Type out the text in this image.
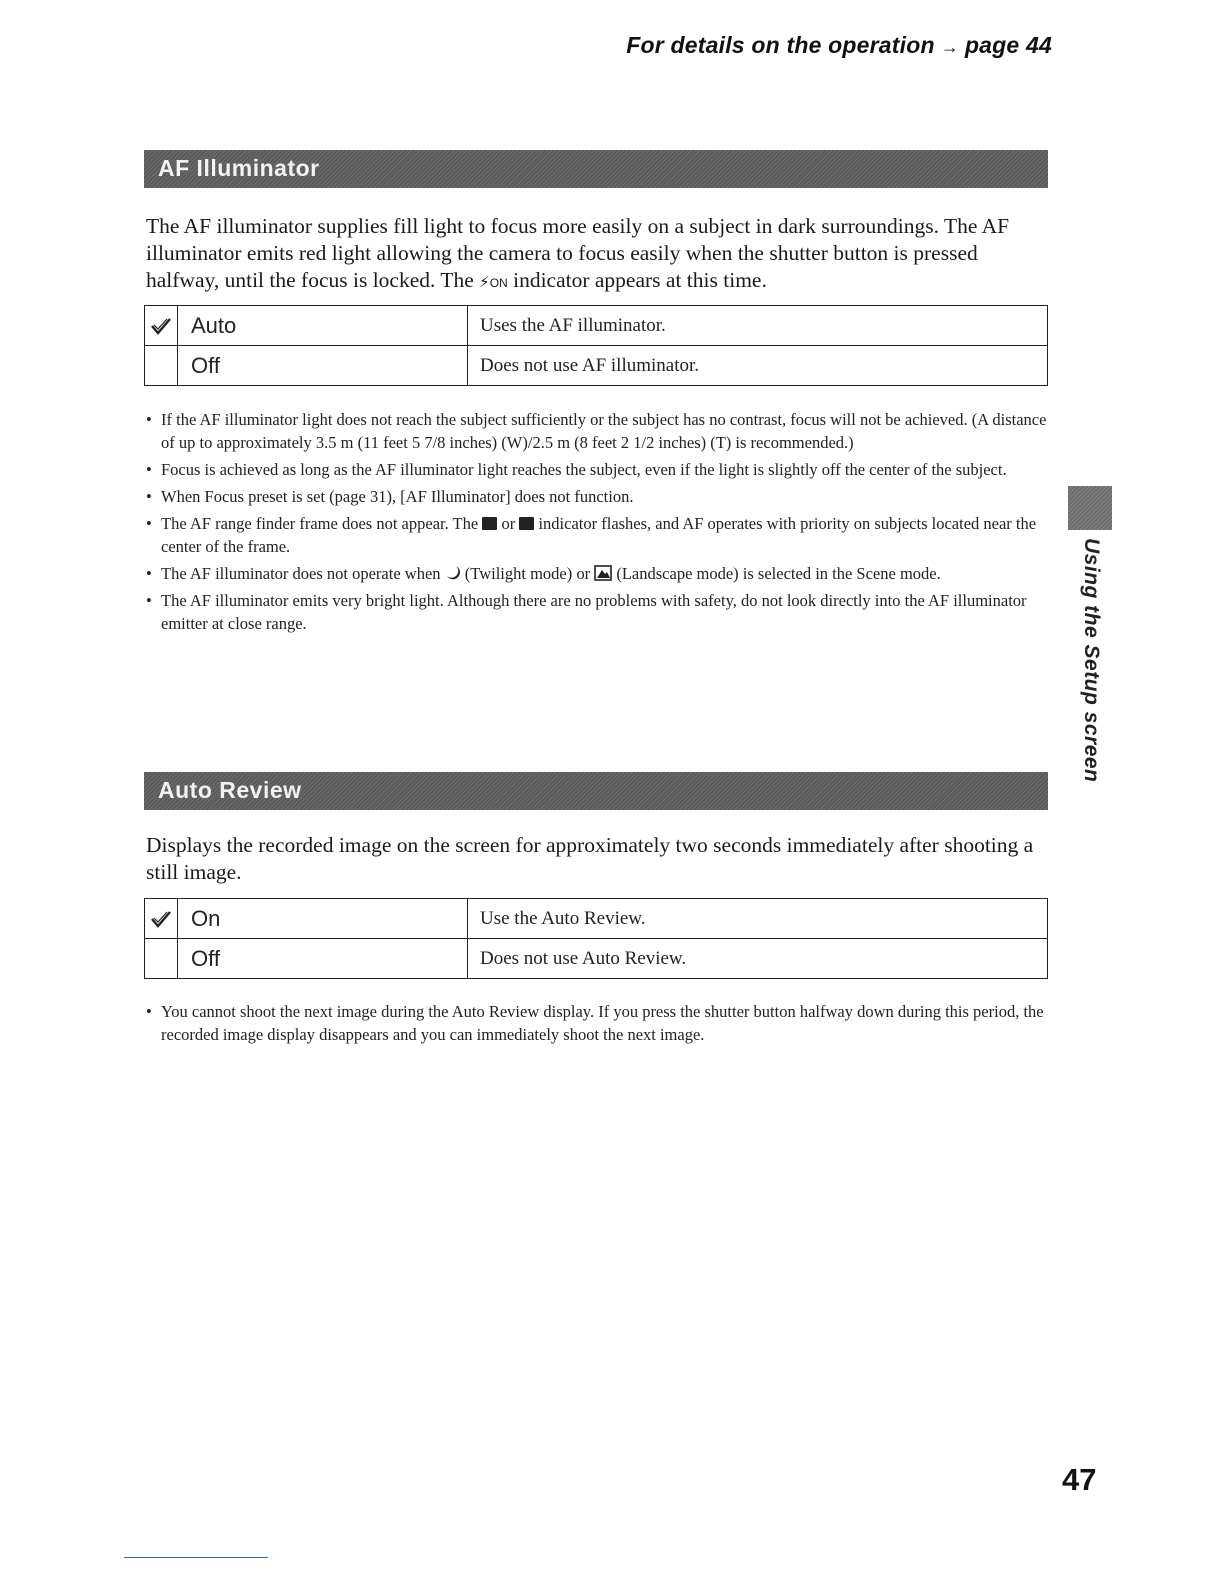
For details on the operation → page 44
AF Illuminator
The AF illuminator supplies fill light to focus more easily on a subject in dark surroundings. The AF illuminator emits red light allowing the camera to focus easily when the shutter button is pressed halfway, until the focus is locked. The ⚡ON indicator appears at this time.
	Auto	Uses the AF illuminator.
	Off	Does not use AF illuminator.
• If the AF illuminator light does not reach the subject sufficiently or the subject has no contrast, focus will not be achieved. (A distance of up to approximately 3.5 m (11 feet 5 7/8 inches) (W)/2.5 m (8 feet 2 1/2 inches) (T) is recommended.)
• Focus is achieved as long as the AF illuminator light reaches the subject, even if the light is slightly off the center of the subject.
• When Focus preset is set (page 31), [AF Illuminator] does not function.
• The AF range finder frame does not appear. The  or  indicator flashes, and AF operates with priority on subjects located near the center of the frame.
• The AF illuminator does not operate when  (Twilight mode) or  (Landscape mode) is selected in the Scene mode.
• The AF illuminator emits very bright light. Although there are no problems with safety, do not look directly into the AF illuminator emitter at close range.
Auto Review
Displays the recorded image on the screen for approximately two seconds immediately after shooting a still image.
	On	Use the Auto Review.
	Off	Does not use Auto Review.
• You cannot shoot the next image during the Auto Review display. If you press the shutter button halfway down during this period, the recorded image display disappears and you can immediately shoot the next image.
Using the Setup screen
47
